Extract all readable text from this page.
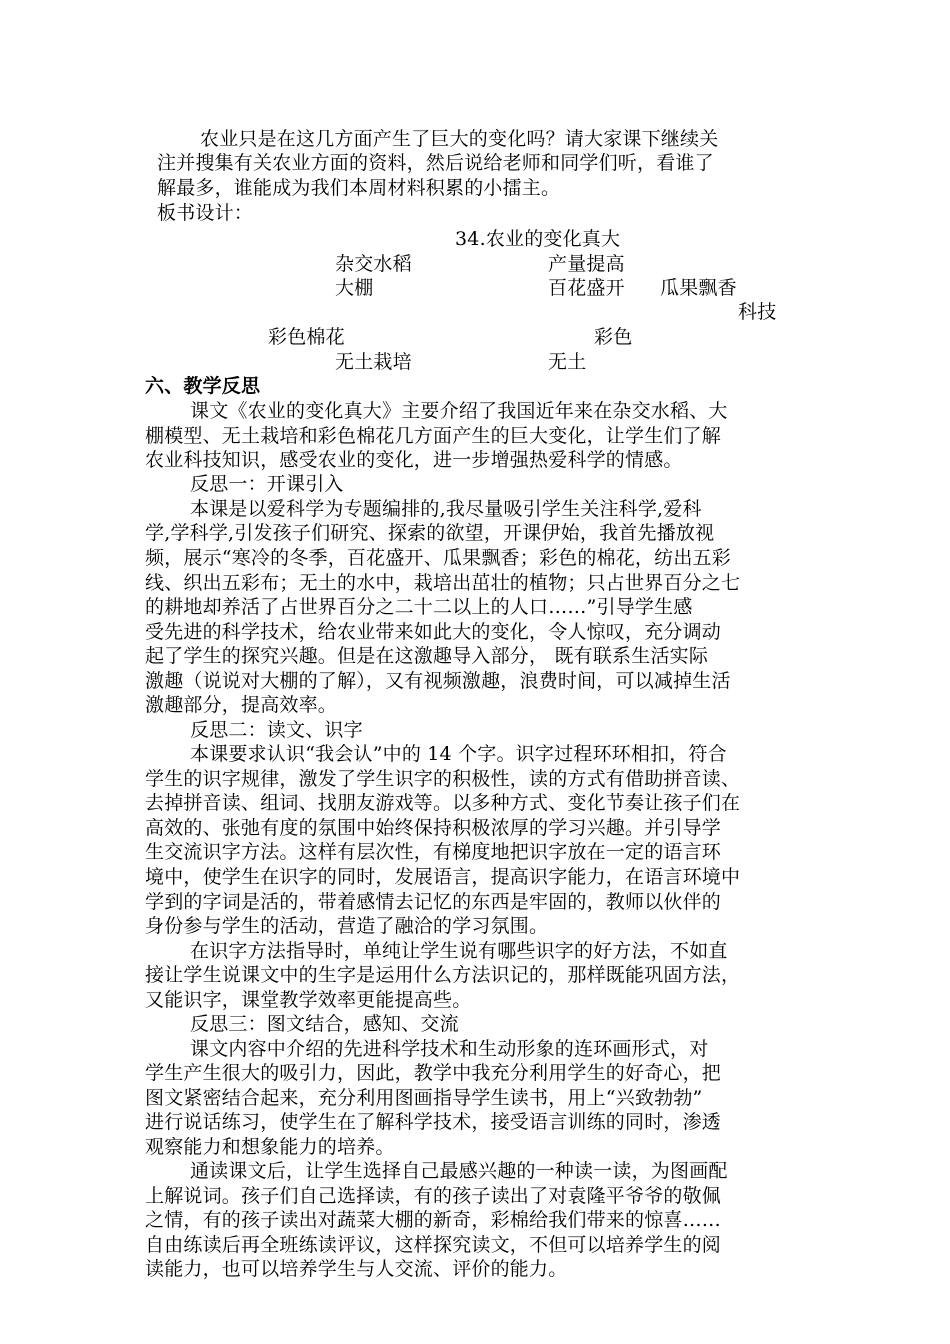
农业只是在这几方面产生了巨大的变化吗？请大家课下继续关
注并搜集有关农业方面的资料，然后说给老师和同学们听，看谁了
解最多，谁能成为我们本周材料积累的小擂主。
板书设计：
34.农业的变化真大
杂交水稻	产量提高
大棚	百花盛开 瓜果飘香
科技
彩色棉花	彩色
无土栽培	无土
六、教学反思
课文《农业的变化真大》主要介绍了我国近年来在杂交水稻、大
棚模型、无土栽培和彩色棉花几方面产生的巨大变化，让学生们了解
农业科技知识，感受农业的变化，进一步增强热爱科学的情感。
反思一：开课引入
本课是以爱科学为专题编排的,我尽量吸引学生关注科学,爱科
学,学科学,引发孩子们研究、探索的欲望，开课伊始，我首先播放视
频，展示“寒冷的冬季，百花盛开、瓜果飘香；彩色的棉花，纺出五彩
线、织出五彩布；无土的水中，栽培出茁壮的植物；只占世界百分之七
的耕地却养活了占世界百分之二十二以上的人口……”引导学生感
受先进的科学技术，给农业带来如此大的变化，令人惊叹，充分调动
起了学生的探究兴趣。但是在这激趣导入部分， 既有联系生活实际
激趣（说说对大棚的了解），又有视频激趣，浪费时间，可以减掉生活
激趣部分，提高效率。
反思二：读文、识字
本课要求认识“我会认”中的 14 个字。识字过程环环相扣，符合
学生的识字规律，激发了学生识字的积极性，读的方式有借助拼音读、
去掉拼音读、组词、找朋友游戏等。以多种方式、变化节奏让孩子们在
高效的、张弛有度的氛围中始终保持积极浓厚的学习兴趣。并引导学
生交流识字方法。这样有层次性，有梯度地把识字放在一定的语言环
境中，使学生在识字的同时，发展语言，提高识字能力，在语言环境中
学到的字词是活的，带着感情去记忆的东西是牢固的，教师以伙伴的
身份参与学生的活动，营造了融洽的学习氛围。
在识字方法指导时，单纯让学生说有哪些识字的好方法，不如直
接让学生说课文中的生字是运用什么方法识记的，那样既能巩固方法，
又能识字，课堂教学效率更能提高些。
反思三：图文结合，感知、交流
课文内容中介绍的先进科学技术和生动形象的连环画形式，对
学生产生很大的吸引力，因此，教学中我充分利用学生的好奇心，把
图文紧密结合起来，充分利用图画指导学生读书，用上“兴致勃勃”
进行说话练习，使学生在了解科学技术，接受语言训练的同时，渗透
观察能力和想象能力的培养。
通读课文后，让学生选择自己最感兴趣的一种读一读，为图画配
上解说词。孩子们自己选择读，有的孩子读出了对袁隆平爷爷的敬佩
之情，有的孩子读出对蔬菜大棚的新奇，彩棉给我们带来的惊喜……
自由练读后再全班练读评议，这样探究读文，不但可以培养学生的阅
读能力，也可以培养学生与人交流、评价的能力。
